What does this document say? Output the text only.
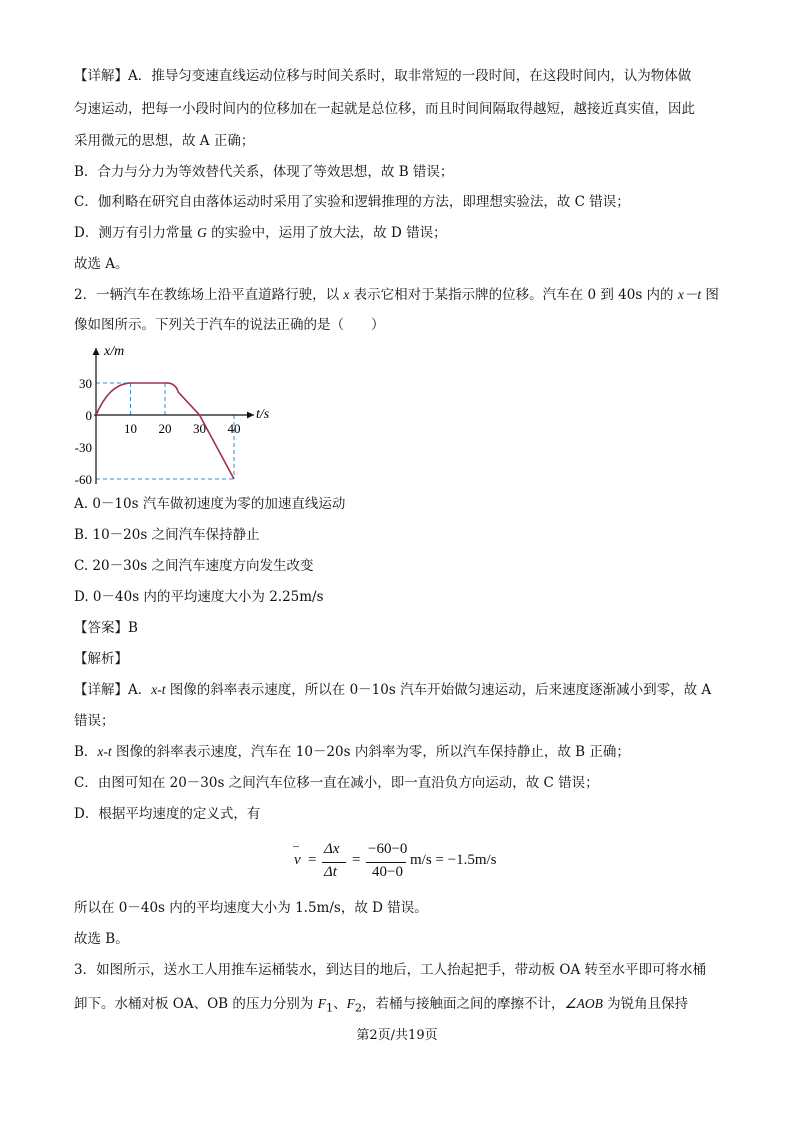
【详解】A．推导匀变速直线运动位移与时间关系时，取非常短的一段时间，在这段时间内，认为物体做
匀速运动，把每一小段时间内的位移加在一起就是总位移，而且时间间隔取得越短，越接近真实值，因此
采用微元的思想，故 A 正确；
B．合力与分力为等效替代关系，体现了等效思想，故 B 错误；
C．伽利略在研究自由落体运动时采用了实验和逻辑推理的方法，即理想实验法，故 C 错误；
D．测万有引力常量 G 的实验中，运用了放大法，故 D 错误；
故选 A。
2．一辆汽车在教练场上沿平直道路行驶，以 x 表示它相对于某指示牌的位移。汽车在 0 到 40s 内的 x－t 图
像如图所示。下列关于汽车的说法正确的是（　　）
x/m
t/s
30
0
-30
-60
10 20 30 40
A. 0－10s 汽车做初速度为零的加速直线运动
B. 10－20s 之间汽车保持静止
C. 20－30s 之间汽车速度方向发生改变
D. 0－40s 内的平均速度大小为 2.25m/s
【答案】B
【解析】
【详解】A．x-t 图像的斜率表示速度，所以在 0－10s 汽车开始做匀速运动，后来速度逐渐减小到零，故 A
错误；
B．x-t 图像的斜率表示速度，汽车在 10－20s 内斜率为零，所以汽车保持静止，故 B 正确；
C．由图可知在 20－30s 之间汽车位移一直在减小，即一直沿负方向运动，故 C 错误；
D．根据平均速度的定义式，有
–
v =
Δx
Δt
=
−60−0
40−0
m/s = −1.5m/s
所以在 0－40s 内的平均速度大小为 1.5m/s，故 D 错误。
故选 B。
3．如图所示，送水工人用推车运桶装水，到达目的地后，工人抬起把手，带动板 OA 转至水平即可将水桶
卸下。水桶对板 OA、OB 的压力分别为 $F_1$、$F_2$，若桶与接触面之间的摩擦不计，∠AOB 为锐角且保持
第2页/共19页
